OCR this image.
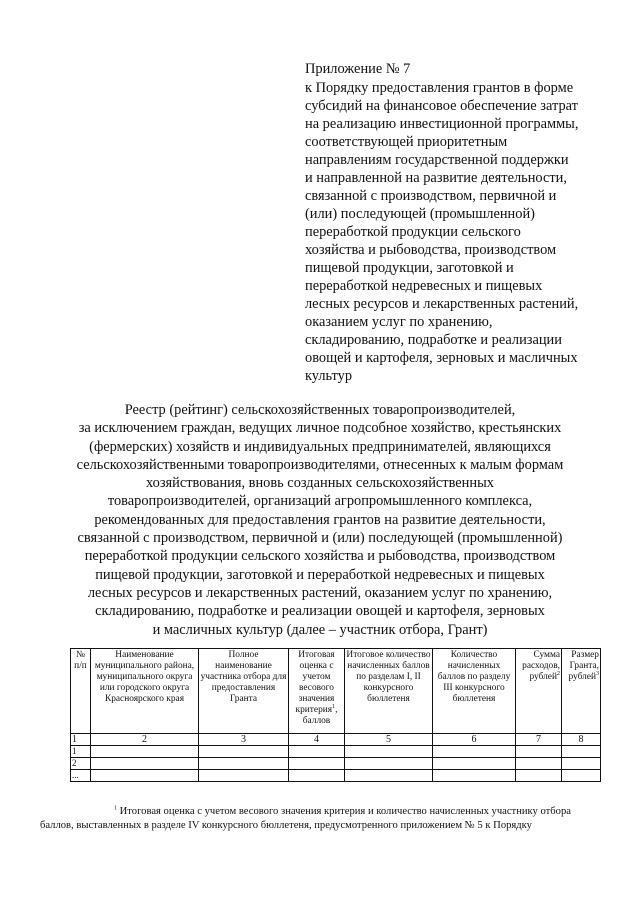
Приложение № 7
к Порядку предоставления грантов в форме
субсидий на финансовое обеспечение затрат
на реализацию инвестиционной программы,
соответствующей приоритетным
направлениям государственной поддержки
и направленной на развитие деятельности,
связанной с производством, первичной и
(или) последующей (промышленной)
переработкой продукции сельского
хозяйства и рыбоводства, производством
пищевой продукции, заготовкой и
переработкой недревесных и пищевых
лесных ресурсов и лекарственных растений,
оказанием услуг по хранению,
складированию, подработке и реализации
овощей и картофеля, зерновых и масличных
культур
Реестр (рейтинг) сельскохозяйственных товаропроизводителей,
за исключением граждан, ведущих личное подсобное хозяйство, крестьянских
(фермерских) хозяйств и индивидуальных предпринимателей, являющихся
сельскохозяйственными товаропроизводителями, отнесенных к малым формам
хозяйствования, вновь созданных сельскохозяйственных
товаропроизводителей, организаций агропромышленного комплекса,
рекомендованных для предоставления грантов на развитие деятельности,
связанной с производством, первичной и (или) последующей (промышленной)
переработкой продукции сельского хозяйства и рыбоводства, производством
пищевой продукции, заготовкой и переработкой недревесных и пищевых
лесных ресурсов и лекарственных растений, оказанием услуг по хранению,
складированию, подработке и реализации овощей и картофеля, зерновых
и масличных культур (далее – участник отбора, Грант)
№ п/п	Наименование муниципального района, муниципального округа или городского округа Красноярского края	Полное наименование участника отбора для предоставления Гранта	Итоговая оценка с учетом весового значения критерия$^1$, баллов	Итоговое количество начисленных баллов по разделам I, II конкурсного бюллетеня	Количество начисленных баллов по разделу III конкурсного бюллетеня	Сумма расходов, рублей$^2$	Размер Гранта, рублей$^3$
1	2	3	4	5	6	7	8
1							
2							
...							
$^1$ Итоговая оценка с учетом весового значения критерия и количество начисленных участнику отбора
баллов, выставленных в разделе IV конкурсного бюллетеня, предусмотренного приложением № 5 к Порядку
